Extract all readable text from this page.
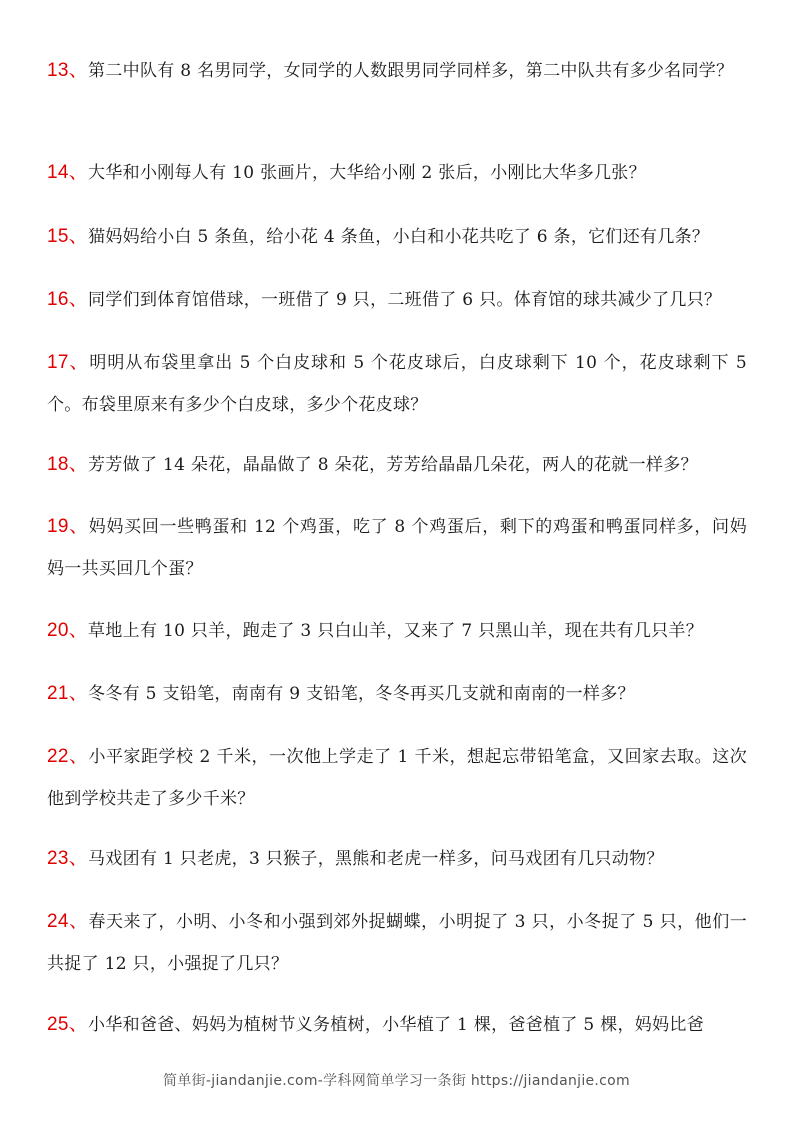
13、第二中队有 8 名男同学，女同学的人数跟男同学同样多，第二中队共有多少名同学？

14、大华和小刚每人有 10 张画片，大华给小刚 2 张后，小刚比大华多几张？

15、猫妈妈给小白 5 条鱼，给小花 4 条鱼，小白和小花共吃了 6 条，它们还有几条？

16、同学们到体育馆借球，一班借了 9 只，二班借了 6 只。体育馆的球共减少了几只？

17、明明从布袋里拿出 5 个白皮球和 5 个花皮球后，白皮球剩下 10 个，花皮球剩下 5 个。布袋里原来有多少个白皮球，多少个花皮球？

18、芳芳做了 14 朵花，晶晶做了 8 朵花，芳芳给晶晶几朵花，两人的花就一样多？

19、妈妈买回一些鸭蛋和 12 个鸡蛋，吃了 8 个鸡蛋后，剩下的鸡蛋和鸭蛋同样多，问妈妈一共买回几个蛋？

20、草地上有 10 只羊，跑走了 3 只白山羊，又来了 7 只黑山羊，现在共有几只羊？

21、冬冬有 5 支铅笔，南南有 9 支铅笔，冬冬再买几支就和南南的一样多？

22、小平家距学校 2 千米，一次他上学走了 1 千米，想起忘带铅笔盒，又回家去取。这次他到学校共走了多少千米？

23、马戏团有 1 只老虎，3 只猴子，黑熊和老虎一样多，问马戏团有几只动物？

24、春天来了，小明、小冬和小强到郊外捉蝴蝶，小明捉了 3 只，小冬捉了 5 只，他们一共捉了 12 只，小强捉了几只？

25、小华和爸爸、妈妈为植树节义务植树，小华植了 1 棵，爸爸植了 5 棵，妈妈比爸

简单街-jiandanjie.com-学科网简单学习一条街 https://jiandanjie.com
